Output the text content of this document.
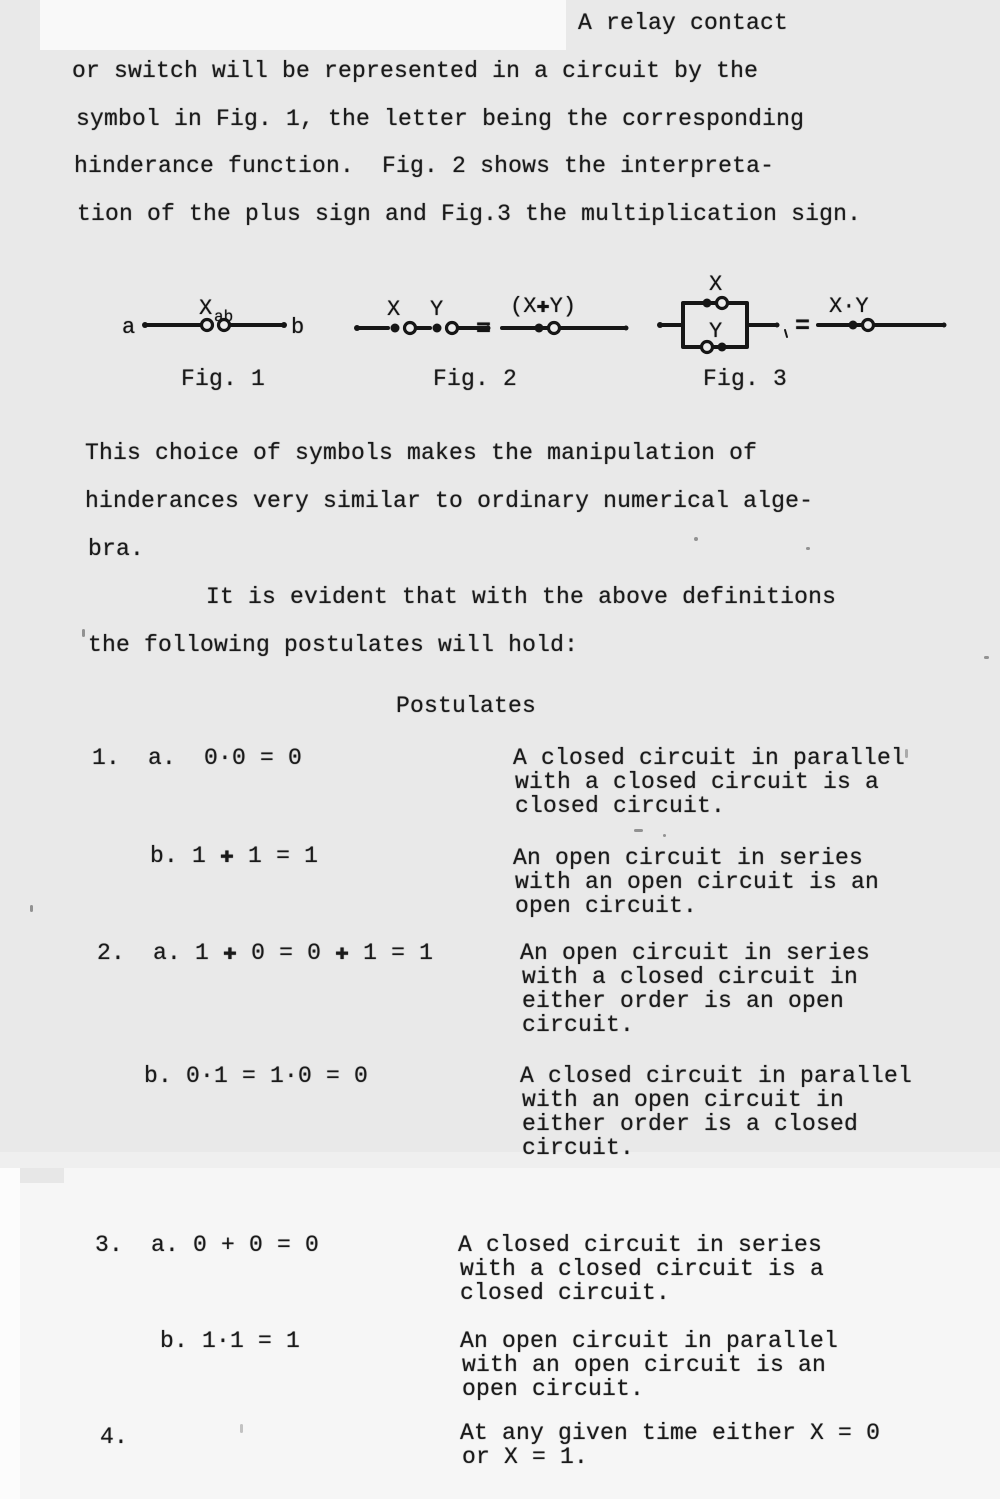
A relay contact
or switch will be represented in a circuit by the
symbol in Fig. 1, the letter being the corresponding
hinderance function.  Fig. 2 shows the interpreta-
tion of the plus sign and Fig.3 the multiplication sign.
a	b
X ab
Fig. 1
X Y
=
(X✚Y)
Fig. 2
X
Y	=
X·Y
Fig. 3
This choice of symbols makes the manipulation of
hinderances very similar to ordinary numerical alge-
bra.
It is evident that with the above definitions
the following postulates will hold:
Postulates
1.  a.  0·0 = 0	A closed circuit in parallel
with a closed circuit is a
closed circuit.
b. 1 ✚ 1 = 1	An open circuit in series
with an open circuit is an
open circuit.
2.  a. 1 ✚ 0 = 0 ✚ 1 = 1	An open circuit in series
with a closed circuit in
either order is an open
circuit.
b. 0·1 = 1·0 = 0	A closed circuit in parallel
with an open circuit in
either order is a closed
circuit.
3.  a. 0 + 0 = 0	A closed circuit in series
with a closed circuit is a
closed circuit.
b. 1·1 = 1	An open circuit in parallel
with an open circuit is an
open circuit.
4.	At any given time either X = 0
or X = 1.
